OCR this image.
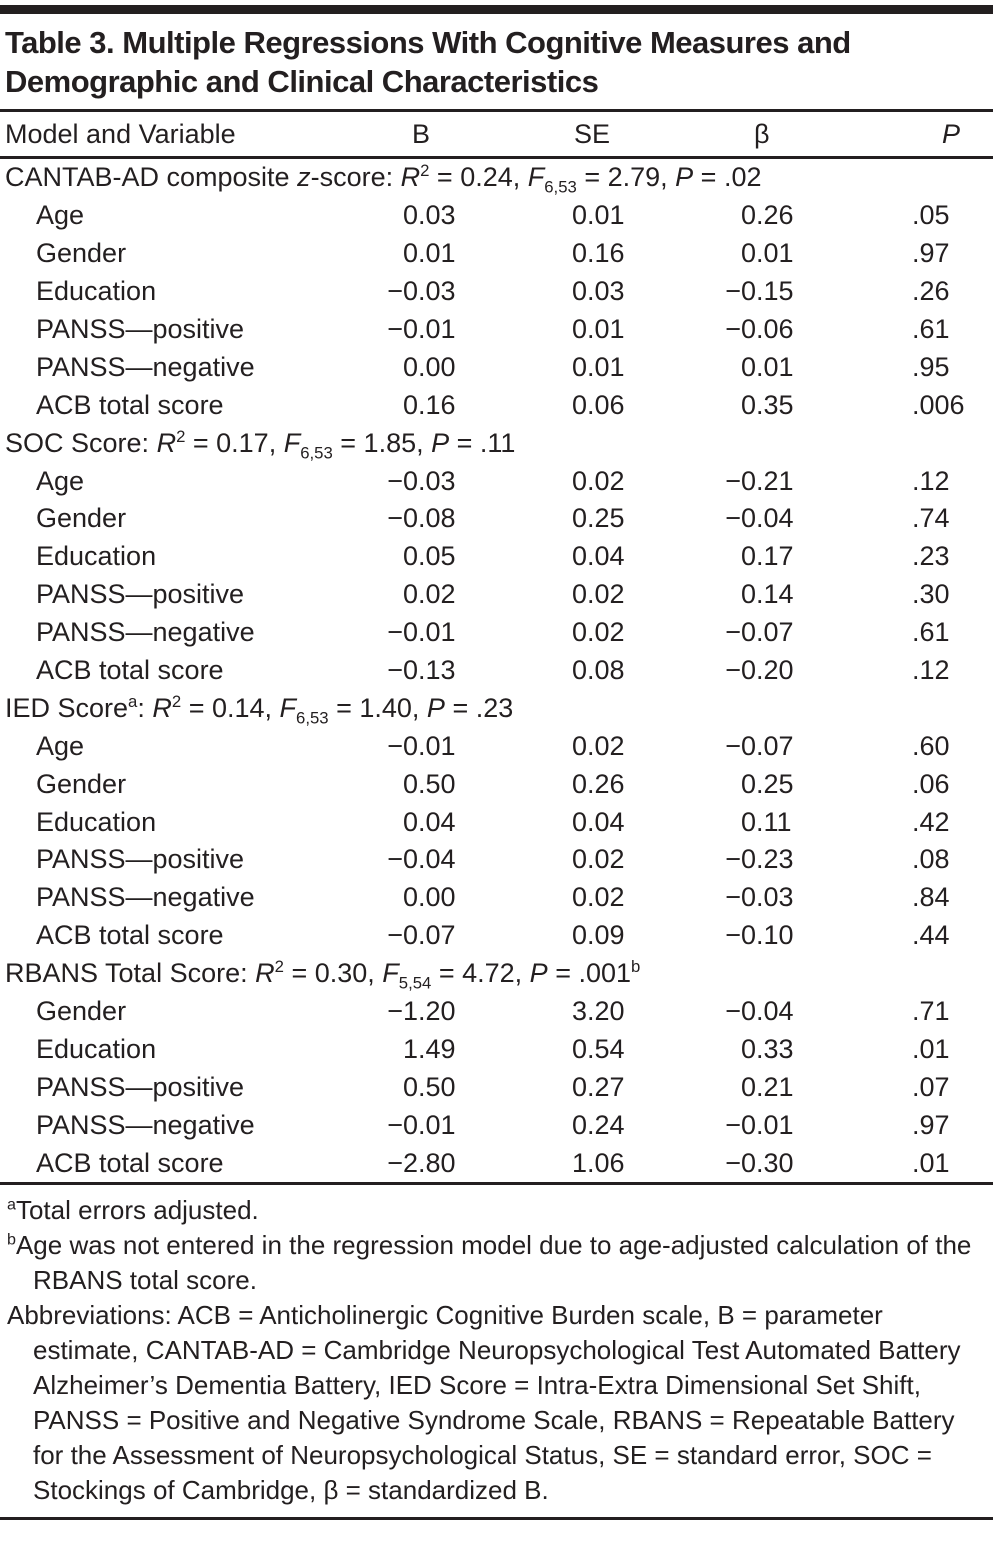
Table 3. Multiple Regressions With Cognitive Measures and Demographic and Clinical Characteristics
Model and Variable	B	SE	β	P
CANTAB-AD composite z-score: $R^2 = 0.24$, $F_{6,53} = 2.79$, P = .02				
Age	0.03	0.01	0.26	.05
Gender	0.01	0.16	0.01	.97
Education	−0.03	0.03	−0.15	.26
PANSS—positive	−0.01	0.01	−0.06	.61
PANSS—negative	0.00	0.01	0.01	.95
ACB total score	0.16	0.06	0.35	.006
SOC Score: $R^2 = 0.17$, $F_{6,53} = 1.85$, P = .11				
Age	−0.03	0.02	−0.21	.12
Gender	−0.08	0.25	−0.04	.74
Education	0.05	0.04	0.17	.23
PANSS—positive	0.02	0.02	0.14	.30
PANSS—negative	−0.01	0.02	−0.07	.61
ACB total score	−0.13	0.08	−0.20	.12
IED Score$^a$: $R^2 = 0.14$, $F_{6,53} = 1.40$, P = .23				
Age	−0.01	0.02	−0.07	.60
Gender	0.50	0.26	0.25	.06
Education	0.04	0.04	0.11	.42
PANSS—positive	−0.04	0.02	−0.23	.08
PANSS—negative	0.00	0.02	−0.03	.84
ACB total score	−0.07	0.09	−0.10	.44
RBANS Total Score: $R^2 = 0.30$, $F_{5,54} = 4.72$, P = .001$^b$
Gender	−1.20	3.20	−0.04	.71
Education	1.49	0.54	0.33	.01
PANSS—positive	0.50	0.27	0.21	.07
PANSS—negative	−0.01	0.24	−0.01	.97
ACB total score	−2.80	1.06	−0.30	.01

$^a$Total errors adjusted.

$^b$Age was not entered in the regression model due to age-adjusted calculation of the RBANS total score.

Abbreviations: ACB = Anticholinergic Cognitive Burden scale, B = parameter estimate, CANTAB-AD = Cambridge Neuropsychological Test Automated Battery Alzheimer’s Dementia Battery, IED Score = Intra-Extra Dimensional Set Shift, PANSS = Positive and Negative Syndrome Scale, RBANS = Repeatable Battery for the Assessment of Neuropsychological Status, SE = standard error, SOC = Stockings of Cambridge, β = standardized B.
